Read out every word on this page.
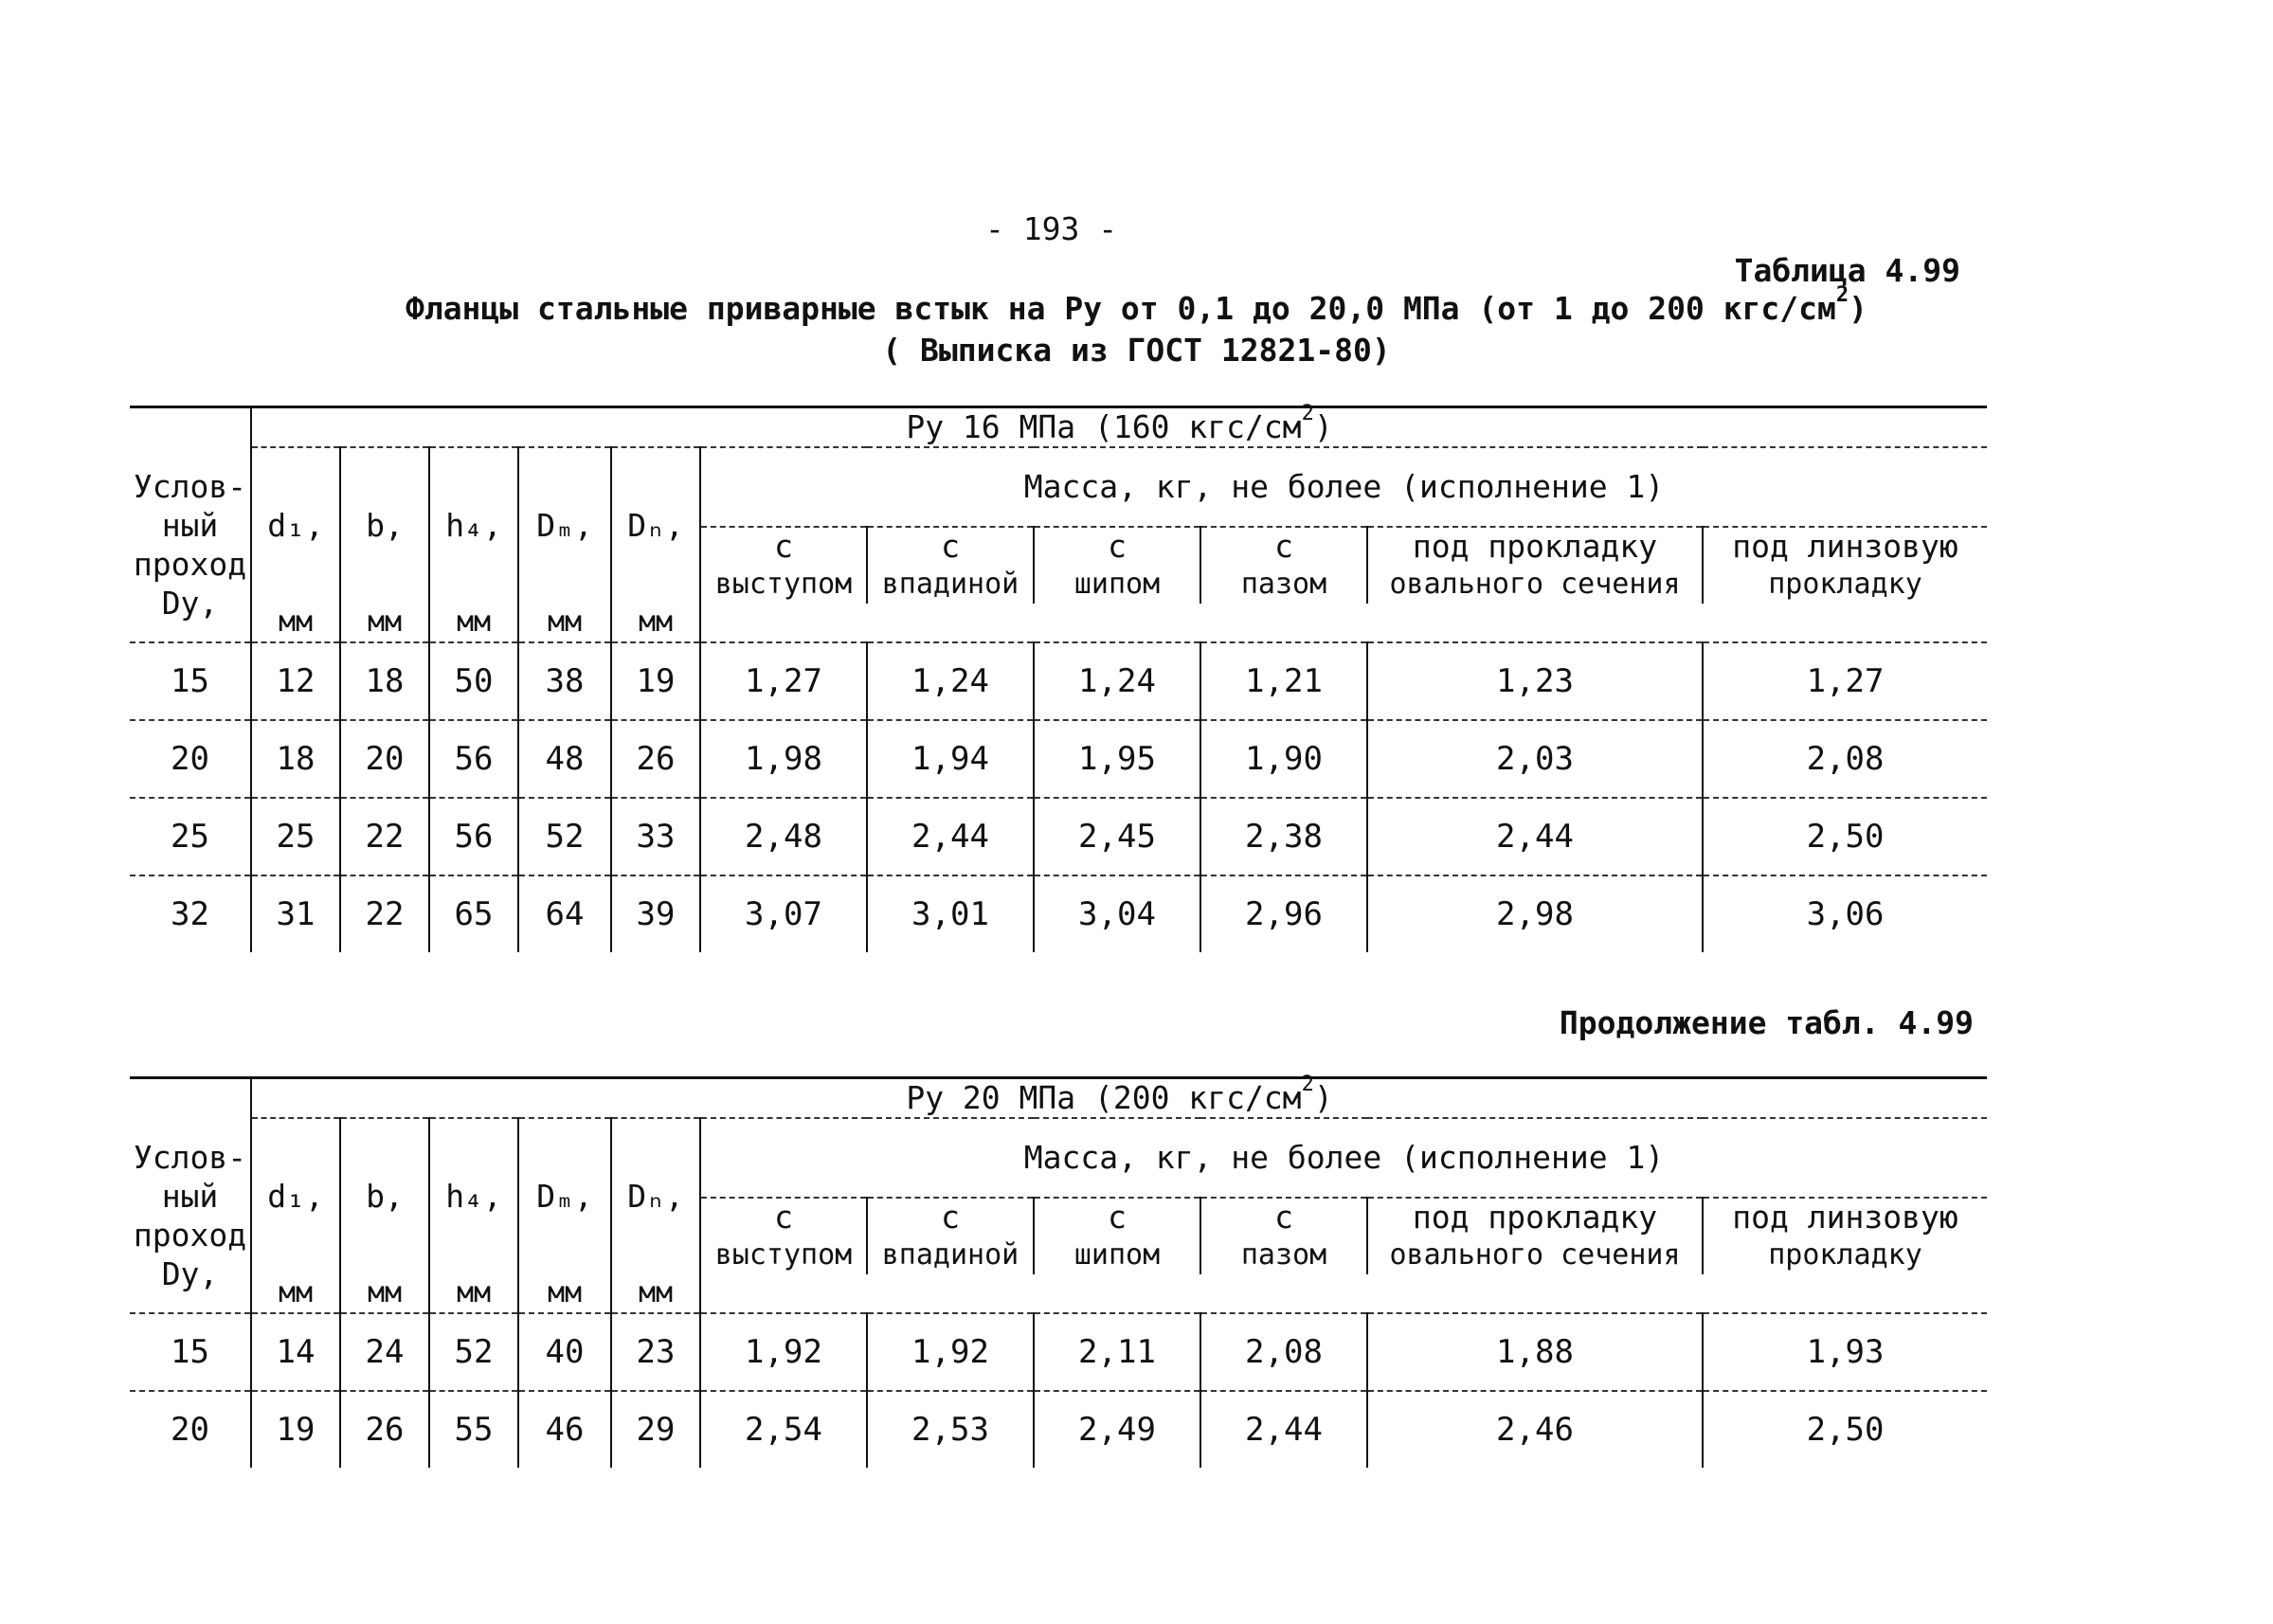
- 193 -
Таблица 4.99
Фланцы стальные приварные встык на Ру от 0,1 до 20,0 МПа (от 1 до 200 кгс/$см^2$)
( Выписка из ГОСТ 12821-80)
	Ру 16 МПа (160 кгс/$см^2$)										

Услов-
ный
проход
Dy,	d₁,	b,	h₄,	Dₘ,	Dₙ,	Масса, кг, не более (исполнение 1)					
						с	с	с	с	под прокладку	под линзовую
						выступом	впадиной	шипом	пазом	овального сечения	прокладку
	мм	мм	мм	мм	мм						
15	12	18	50	38	19	1,27	1,24	1,24	1,21	1,23	1,27
20	18	20	56	48	26	1,98	1,94	1,95	1,90	2,03	2,08
25	25	22	56	52	33	2,48	2,44	2,45	2,38	2,44	2,50
32	31	22	65	64	39	3,07	3,01	3,04	2,96	2,98	3,06
Продолжение табл. 4.99
	Ру 20 МПа (200 кгс/$см^2$)										

Услов-
ный
проход
Dy,	d₁,	b,	h₄,	Dₘ,	Dₙ,	Масса, кг, не более (исполнение 1)					
						с	с	с	с	под прокладку	под линзовую
						выступом	впадиной	шипом	пазом	овального сечения	прокладку
	мм	мм	мм	мм	мм						
15	14	24	52	40	23	1,92	1,92	2,11	2,08	1,88	1,93
20	19	26	55	46	29	2,54	2,53	2,49	2,44	2,46	2,50
